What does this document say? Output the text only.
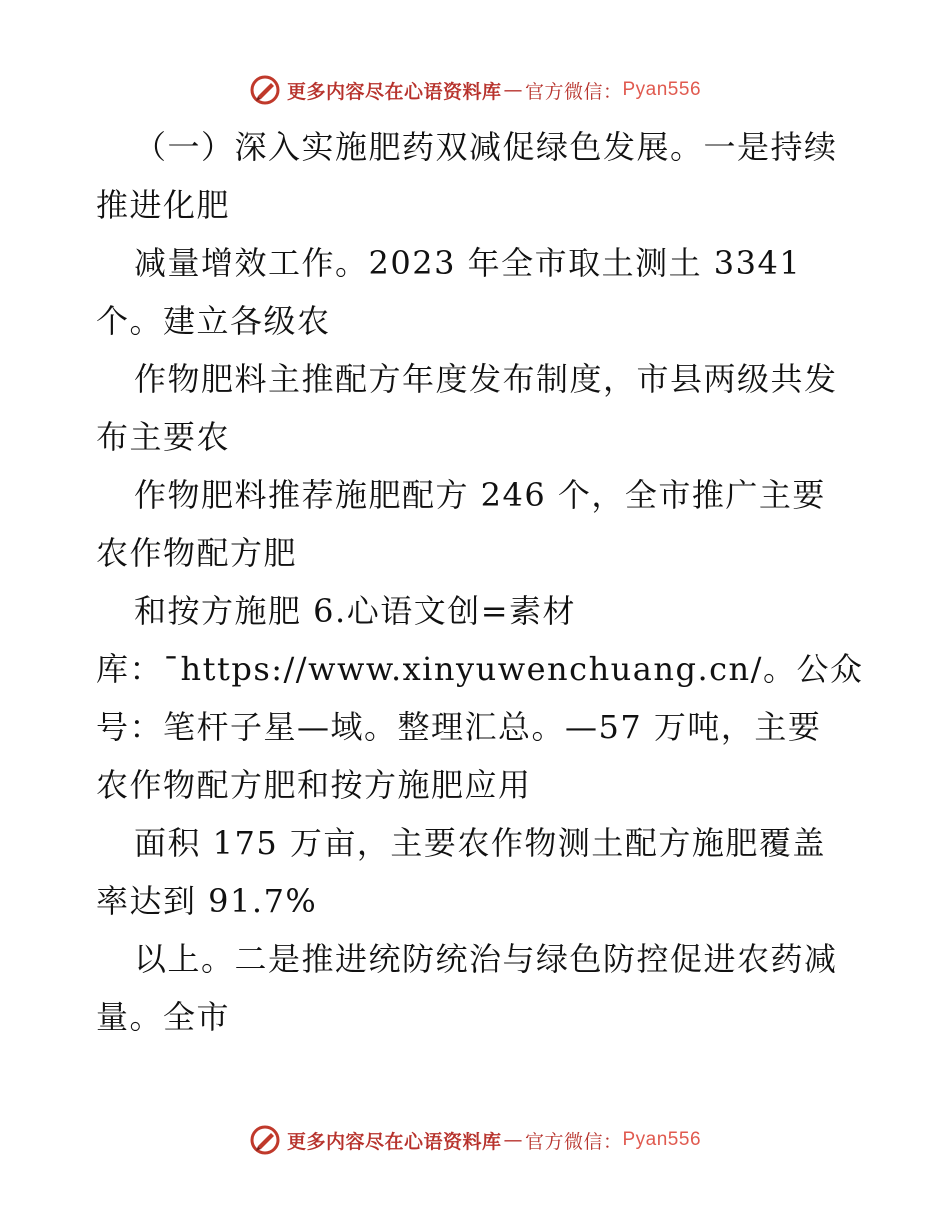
更多内容尽在心语资料库 — 官方微信： Pyan556
（一）深入实施肥药双减促绿色发展。一是持续
推进化肥
减量增效工作。2023 年全市取土测土 3341
个。建立各级农
作物肥料主推配方年度发布制度，市县两级共发
布主要农
作物肥料推荐施肥配方 246 个，全市推广主要
农作物配方肥
和按方施肥 6.心语文创=素材
库：¯https://www.xinyuwenchuang.cn/。公众
号：笔杆子星—域。整理汇总。—57 万吨，主要
农作物配方肥和按方施肥应用
面积 175 万亩，主要农作物测土配方施肥覆盖
率达到 91.7%
以上。二是推进统防统治与绿色防控促进农药减
量。全市
更多内容尽在心语资料库 — 官方微信： Pyan556
